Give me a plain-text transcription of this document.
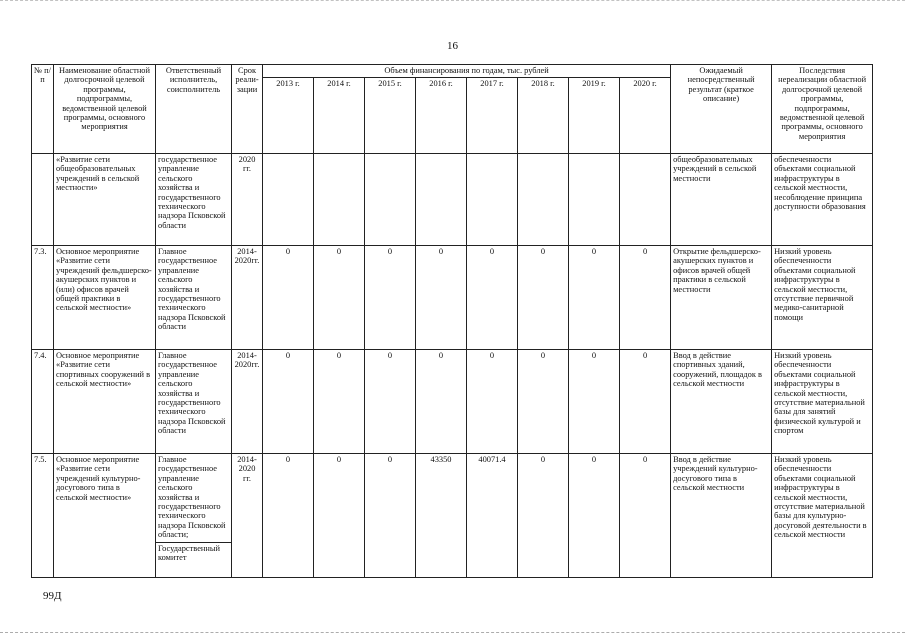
16
№ п/п	Наименование областной долгосрочной целевой программы, подпрограммы, ведомственной целевой программы, основного мероприятия	Ответственный исполнитель, соисполнитель	Срок реали-зации	Объем финансирования по годам, тыс. рублей								Ожидаемый непосредственный результат (краткое описание)	Последствия нереализации областной долгосрочной целевой программы, подпрограммы, ведомственной целевой программы, основного мероприятия
				2013 г.	2014 г.	2015 г.	2016 г.	2017 г.	2018 г.	2019 г.	2020 г.		
	«Развитие сети общеобразовательных учреждений в сельской местности»	государственное управление сельского хозяйства и государственного технического надзора Псковской области	2020 гг.									общеобразовательных учреждений в сельской местности	обеспеченности объектами социальной инфраструктуры в сельской местности, несоблюдение принципа доступности образования
7.3.	Основное мероприятие «Развитие сети учреждений фельдшерско-акушерских пунктов и (или) офисов врачей общей практики в сельской местности»	Главное государственное управление сельского хозяйства и государственного технического надзора Псковской области	2014-2020гг.	0	0	0	0	0	0	0	0	Открытие фельдшерско-акушерских пунктов и офисов врачей общей практики в сельской местности	Низкий уровень обеспеченности объектами социальной инфраструктуры в сельской местности, отсутствие первичной медико-санитарной помощи
7.4.	Основное мероприятие «Развитие сети спортивных сооружений в сельской местности»	Главное государственное управление сельского хозяйства и государственного технического надзора Псковской области	2014-2020гг.	0	0	0	0	0	0	0	0	Ввод в действие спортивных зданий, сооружений, площадок в сельской местности	Низкий уровень обеспеченности объектами социальной инфраструктуры в сельской местности, отсутствие материальной базы для занятий физической культурой и спортом
7.5.	Основное мероприятие «Развитие сети учреждений культурно-досугового типа в сельской местности»	Главное государственное управление сельского хозяйства и государственного технического надзора Псковской области;
Государственный комитет	2014-2020 гг.	0	0	0	43350	40071.4	0	0	0	Ввод в действие учреждений культурно-досугового типа в сельской местности	Низкий уровень обеспеченности объектами социальной инфраструктуры в сельской местности, отсутствие материальной базы для культурно-досуговой деятельности в сельской местности
99Д
